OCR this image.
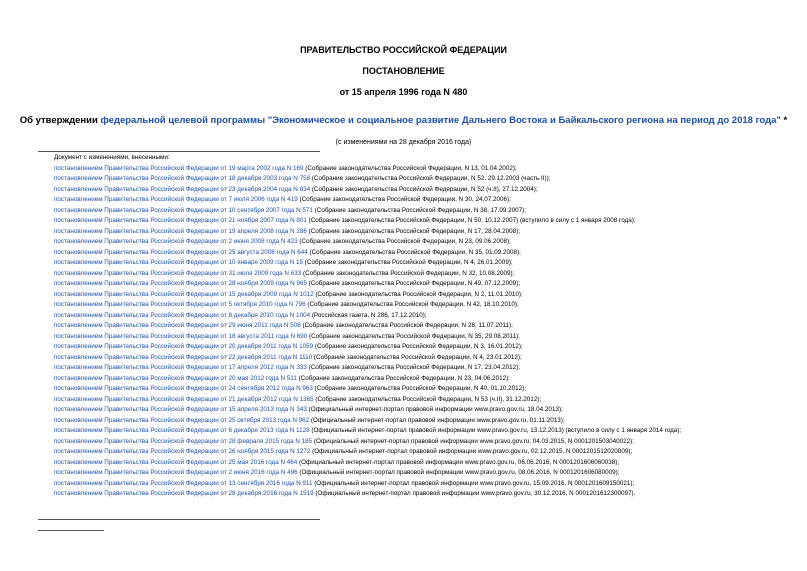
ПРАВИТЕЛЬСТВО РОССИЙСКОЙ ФЕДЕРАЦИИ
ПОСТАНОВЛЕНИЕ
от 15 апреля 1996 года N 480
Об утверждении федеральной целевой программы "Экономическое и социальное развитие Дальнего Востока и Байкальского региона на период до 2018 года" *
(с изменениями на 28 декабря 2016 года)
Документ с изменениями, внесенными:
постановлением Правительства Российской Федерации от 19 марта 2002 года N 169 (Собрание законодательства Российской Федерации, N 13, 01.04.2002);
постановлением Правительства Российской Федерации от 18 декабря 2003 года N 758 (Собрание законодательства Российской Федерации, N 52, 29.12.2003 (часть II));
постановлением Правительства Российской Федерации от 23 декабря 2004 года N 834 (Собрание законодательства Российской Федерации, N 52 (ч.II), 27.12.2004);
постановлением Правительства Российской Федерации от 7 июля 2006 года N 419 (Собрание законодательства Российской Федерации, N 30, 24.07.2006);
постановлением Правительства Российской Федерации от 10 сентября 2007 года N 571 (Собрание законодательства Российской Федерации, N 38, 17.09.2007);
постановлением Правительства Российской Федерации от 21 ноября 2007 года N 801 (Собрание законодательства Российской Федерации, N 50, 10.12.2007) (вступило в силу с 1 января 2008 года);
постановлением Правительства Российской Федерации от 19 апреля 2008 года N 286 (Собрание законодательства Российской Федерации, N 17, 28.04.2008);
постановлением Правительства Российской Федерации от 2 июня 2008 года N 423 (Собрание законодательства Российской Федерации, N 23, 09.06.2008);
постановлением Правительства Российской Федерации от 25 августа 2008 года N 644 (Собрание законодательства Российской Федерации, N 35, 01.09.2008);
постановлением Правительства Российской Федерации от 10 января 2009 года N 15 (Собрание законодательства Российской Федерации, N 4, 26.01.2009);
постановлением Правительства Российской Федерации от 31 июля 2009 года N 633 (Собрание законодательства Российской Федерации, N 32, 10.08.2009);
постановлением Правительства Российской Федерации от 28 ноября 2009 года N 965 (Собрание законодательства Российской Федерации, N 49, 07.12.2009);
постановлением Правительства Российской Федерации от 15 декабря 2009 года N 1012 (Собрание законодательства Российской Федерации, N 2, 11.01.2010);
постановлением Правительства Российской Федерации от 5 октября 2010 года N 796 (Собрание законодательства Российской Федерации, N 42, 18.10.2010);
постановлением Правительства Российской Федерации от 8 декабря 2010 года N 1004 (Российская газета, N 286, 17.12.2010);
постановлением Правительства Российской Федерации от 29 июня 2011 года N 508 (Собрание законодательства Российской Федерации, N 28, 11.07.2011);
постановлением Правительства Российской Федерации от 18 августа 2011 года N 690 (Собрание законодательства Российской Федерации, N 35, 29.08.2011);
постановлением Правительства Российской Федерации от 20 декабря 2011 года N 1059 (Собрание законодательства Российской Федерации, N 3, 16.01.2012);
постановлением Правительства Российской Федерации от 22 декабря 2011 года N 1110 (Собрание законодательства Российской Федерации, N 4, 23.01.2012);
постановлением Правительства Российской Федерации от 17 апреля 2012 года N 333 (Собрание законодательства Российской Федерации, N 17, 23.04.2012);
постановлением Правительства Российской Федерации от 20 мая 2012 года N 511 (Собрание законодательства Российской Федерации, N 23, 04.06.2012);
постановлением Правительства Российской Федерации от 24 сентября 2012 года N 963 (Собрание законодательства Российской Федерации, N 40, 01.10.2012);
постановлением Правительства Российской Федерации от 21 декабря 2012 года N 1365 (Собрание законодательства Российской Федерации, N 53 (ч.II), 31.12.2012);
постановлением Правительства Российской Федерации от 15 апреля 2013 года N 343 (Официальный интернет-портал правовой информации www.pravo.gov.ru, 18.04.2013);
постановлением Правительства Российской Федерации от 25 октября 2013 года N 962 (Официальный интернет-портал правовой информации www.pravo.gov.ru, 01.11.2013);
постановлением Правительства Российской Федерации от 6 декабря 2013 года N 1128 (Официальный интернет-портал правовой информации www.pravo.gov.ru, 13.12.2013) (вступило в силу с 1 января 2014 года);
постановлением Правительства Российской Федерации от 28 февраля 2015 года N 185 (Официальный интернет-портал правовой информации www.pravo.gov.ru, 04.03.2015, N 0001201503040022);
постановлением Правительства Российской Федерации от 26 ноября 2015 года N 1272 (Официальный интернет-портал правовой информации www.pravo.gov.ru, 02.12.2015, N 0001201512020009);
постановлением Правительства Российской Федерации от 25 мая 2016 года N 464 (Официальный интернет-портал правовой информации www.pravo.gov.ru, 06.06.2016, N 0001201606060038);
постановлением Правительства Российской Федерации от 2 июня 2016 года N 496 (Официальный интернет-портал правовой информации www.pravo.gov.ru, 08.06.2016, N 0001201606080009);
постановлением Правительства Российской Федерации от 13 сентября 2016 года N 911 (Официальный интернет-портал правовой информации www.pravo.gov.ru, 15.09.2016, N 0001201609150021);
постановлением Правительства Российской Федерации от 28 декабря 2016 года N 1519 (Официальный интернет-портал правовой информации www.pravo.gov.ru, 30.12.2016, N 0001201612300097).
